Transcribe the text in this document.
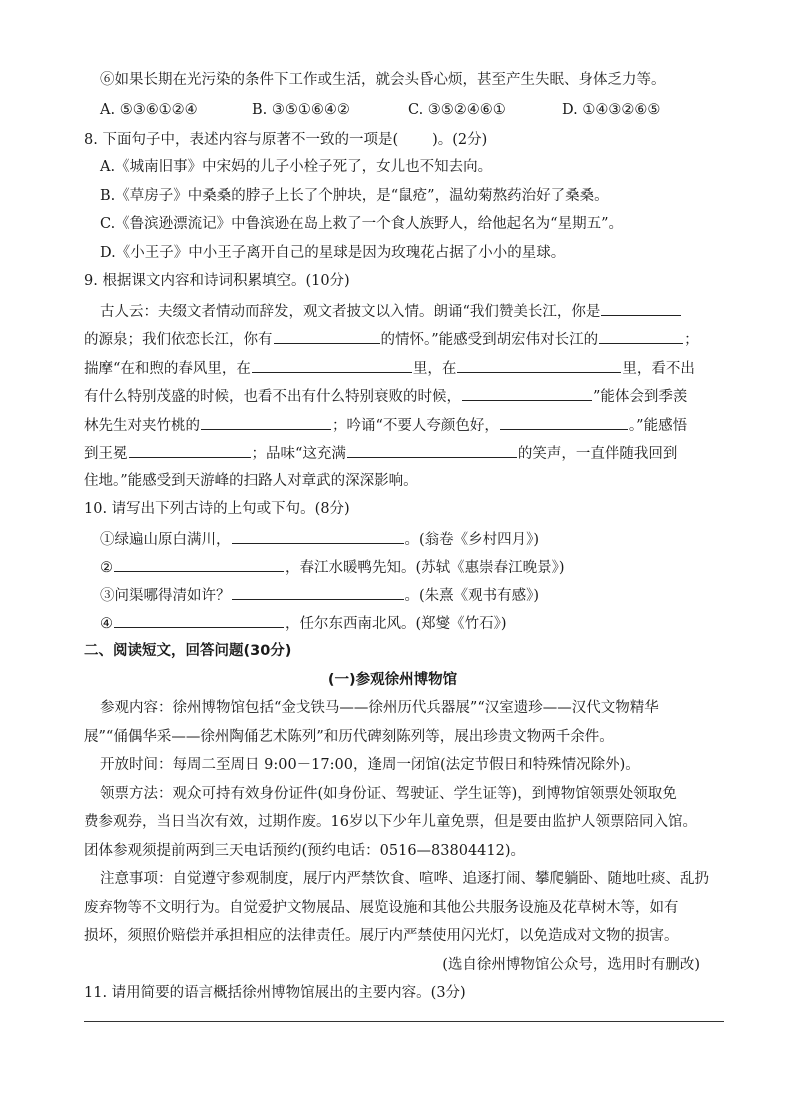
⑥如果长期在光污染的条件下工作或生活，就会头昏心烦，甚至产生失眠、身体乏力等。
A. ⑤③⑥①②④	B. ③⑤①⑥④②	C. ③⑤②④⑥①	D. ①④③②⑥⑤
8. 下面句子中，表述内容与原著不一致的一项是( )。(2分)
A.《城南旧事》中宋妈的儿子小栓子死了，女儿也不知去向。
B.《草房子》中桑桑的脖子上长了个肿块，是“鼠疮”，温幼菊熬药治好了桑桑。
C.《鲁滨逊漂流记》中鲁滨逊在岛上救了一个食人族野人，给他起名为“星期五”。
D.《小王子》中小王子离开自己的星球是因为玫瑰花占据了小小的星球。
9. 根据课文内容和诗词积累填空。(10分)
古人云：夫缀文者情动而辞发，观文者披文以入情。朗诵“我们赞美长江，你是
的源泉；我们依恋长江，你有	的情怀。”能感受到胡宏伟对长江的	；
揣摩“在和煦的春风里，在	里，在	里，看不出
有什么特别茂盛的时候，也看不出有什么特别衰败的时候，	”能体会到季羡
林先生对夹竹桃的	；吟诵“不要人夸颜色好，	。”能感悟
到王冕	；品味“这充满	的笑声，一直伴随我回到
住地。”能感受到天游峰的扫路人对章武的深深影响。
10. 请写出下列古诗的上句或下句。(8分)
①绿遍山原白满川，	。(翁卷《乡村四月》)
②	，春江水暖鸭先知。(苏轼《惠崇春江晚景》)
③问渠哪得清如许？	。(朱熹《观书有感》)
④	，任尔东西南北风。(郑燮《竹石》)
二、阅读短文，回答问题(30分)
(一)参观徐州博物馆
参观内容：徐州博物馆包括“金戈铁马——徐州历代兵器展”“汉室遗珍——汉代文物精华
展”“俑偶华采——徐州陶俑艺术陈列”和历代碑刻陈列等，展出珍贵文物两千余件。
开放时间：每周二至周日 9:00－17:00，逢周一闭馆(法定节假日和特殊情况除外)。
领票方法：观众可持有效身份证件(如身份证、驾驶证、学生证等)，到博物馆领票处领取免
费参观券，当日当次有效，过期作废。16岁以下少年儿童免票，但是要由监护人领票陪同入馆。
团体参观须提前两到三天电话预约(预约电话：0516—83804412)。
注意事项：自觉遵守参观制度，展厅内严禁饮食、喧哗、追逐打闹、攀爬躺卧、随地吐痰、乱扔
废弃物等不文明行为。自觉爱护文物展品、展览设施和其他公共服务设施及花草树木等，如有
损坏，须照价赔偿并承担相应的法律责任。展厅内严禁使用闪光灯，以免造成对文物的损害。
(选自徐州博物馆公众号，选用时有删改)
11. 请用简要的语言概括徐州博物馆展出的主要内容。(3分)
